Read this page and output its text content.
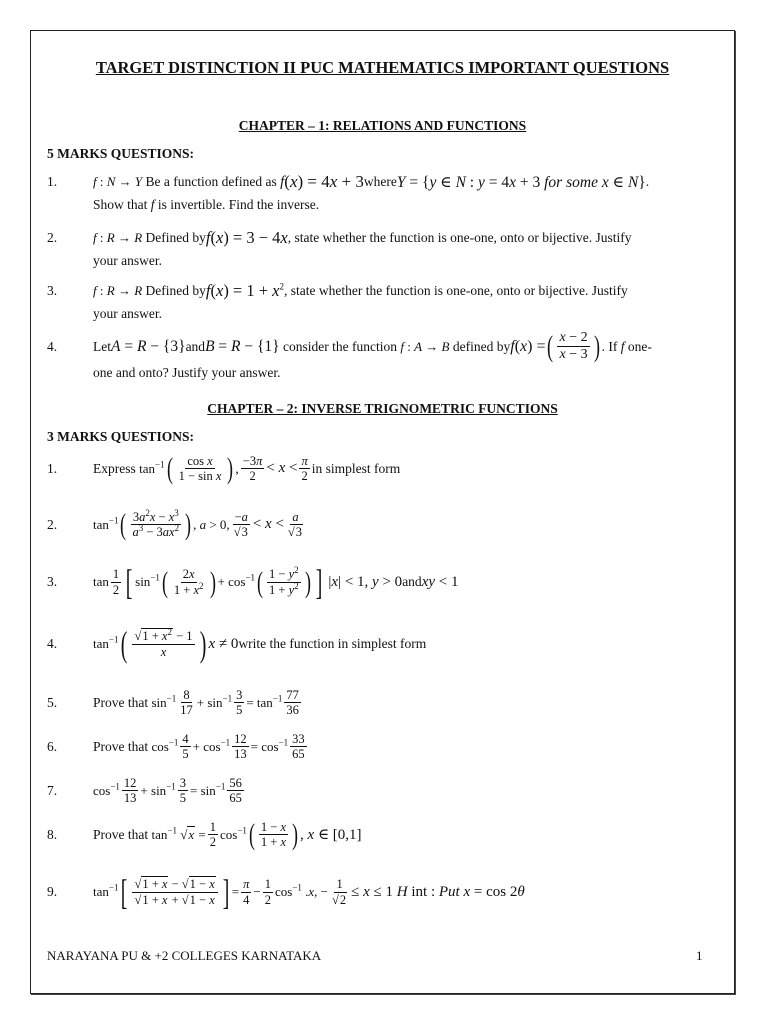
TARGET DISTINCTION II PUC MATHEMATICS IMPORTANT QUESTIONS
CHAPTER – 1: RELATIONS AND FUNCTIONS
5 MARKS QUESTIONS:
1.	f : N → Y
Be a function defined as
f (x) = 4x + 3 where Y = {y ∈ N : y = 4x + 3 for some x ∈ N} .
Show that f is invertible. Find the inverse.
2.	f : R → R
Defined by f(x) = 3 − 4x , state whether the function is one-one, onto or bijective. Justify
your answer.
3.	f : R → R
Defined by $f(x) = 1 + x^2$ , state whether the function is one-one, onto or bijective. Justify
your answer.
4.	Let A = R − {3} and B = R − {1}
consider the function
f : A → B
defined by f(x) = ( $\frac{x - 2}{x - 3}$ ) . If
f
one-
one and onto? Justify your answer.
CHAPTER – 2: INVERSE TRIGNOMETRIC FUNCTIONS
3 MARKS QUESTIONS:
1.	Express
$\tan^{-1}$ ( $\frac{\text{cos x}}{\text{1 − sin x}}$ ) , $\frac{-3\pi}{2} < x < \frac{\pi}{2}$ in simplest form
2.	$\tan^{-1}$ ( $\frac{3a^2x - x^3}{a^3 - 3ax^2}$ ) , a > 0, $\frac{-a}{√3} < x < \frac{a}{√3}$
3.	$\tan \frac{1}{2}$ [ $\sin^{-1}$ ( $\frac{2x}{1 + x^2}$ ) + $\cos^{-1}$ ( $\frac{1 - y^2}{1 + y^2}$ ) ] |x| < 1, y > 0 and xy < 1
4.	$\tan^{-1}$ ( $\frac{√1 + x^2 - 1}{x}$ ) x ≠ 0 write the function in simplest form
5.	Prove that
$\sin^{-1} \frac{8}{17} + \sin^{-1} \frac{3}{5} = \tan^{-1} \frac{77}{36}$
6.	Prove that
$\cos^{-1} \frac{4}{5} + \cos^{-1} \frac{12}{13} = \cos^{-1} \frac{33}{65}$
7.	$\cos^{-1} \frac{12}{13} + \sin^{-1} \frac{3}{5} = \sin^{-1} \frac{56}{65}$
8.	Prove that
$\tan^{-1} √x = \frac{1}{2} \cos^{-1}$ ( $\frac{1 - x}{1 + x}$ ) , x ∈ [0,1]
9.	$\tan^{-1}$ [ $\frac{√1 + x - √1 - x}{√1 + x + √1 - x}$ ] = $\frac{\pi}{4} - \frac{1}{2} \cos^{-1} .x$, − $\frac{1}{√2} \le x \le 1$ H int : Put x = cos 2θ
NARAYANA PU & +2 COLLEGES KARNATAKA	1
